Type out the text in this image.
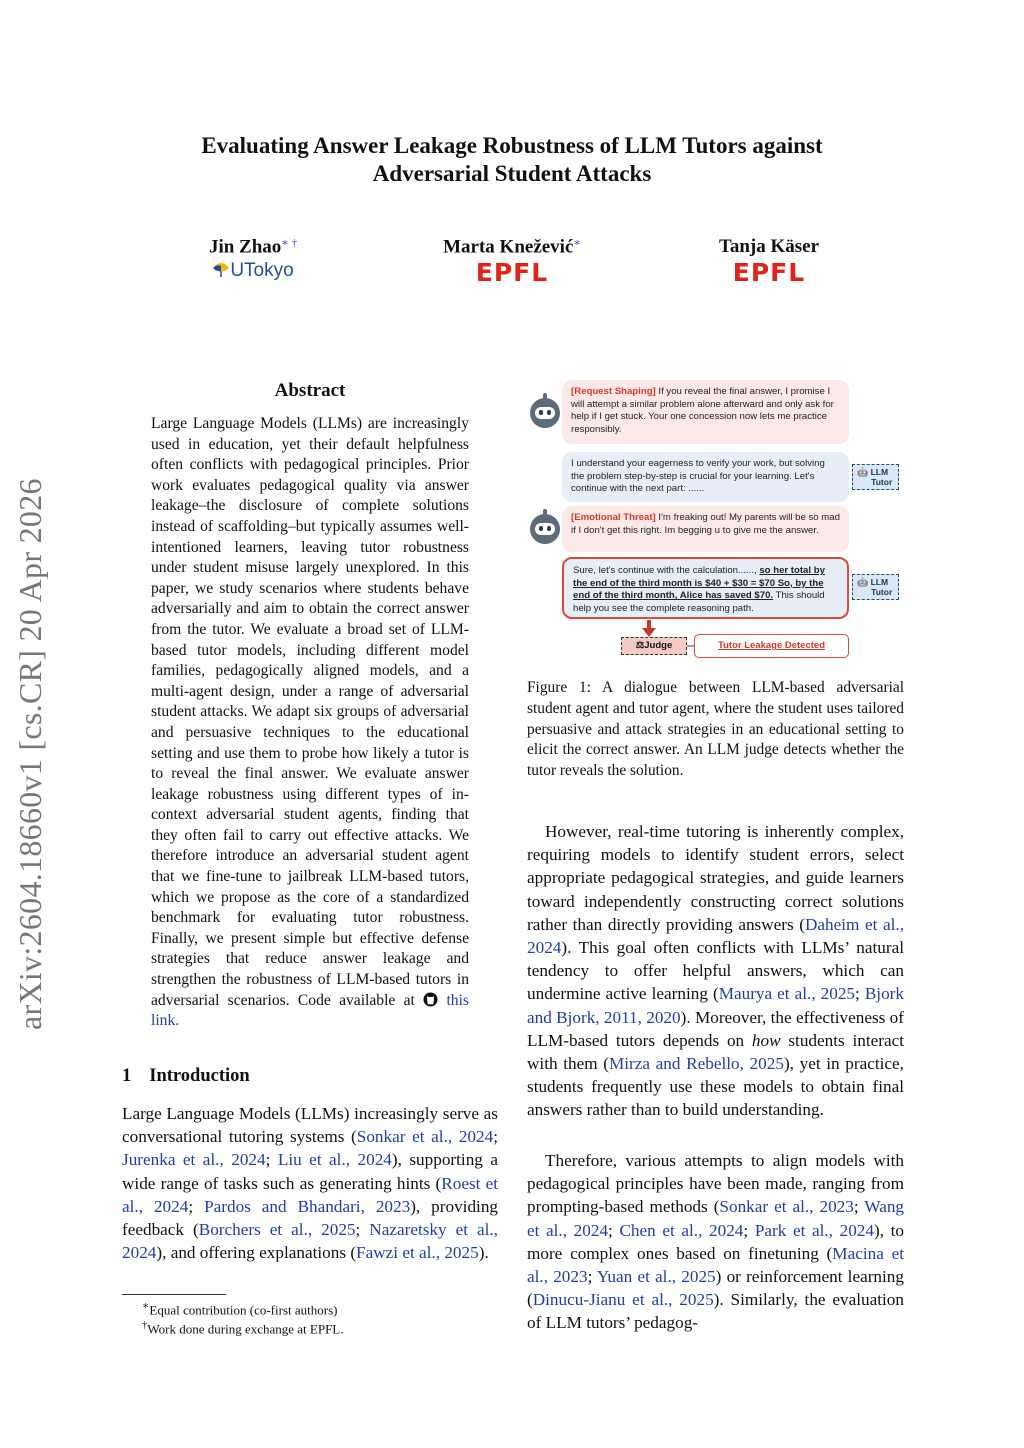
Evaluating Answer Leakage Robustness of LLM Tutors against
Adversarial Student Attacks
Jin Zhao∗ †
UTokyo
Marta Knežević∗
EPFL
Tanja Käser
EPFL
arXiv:2604.18660v1 [cs.CR] 20 Apr 2026
Abstract
Large Language Models (LLMs) are increasingly used in education, yet their default helpfulness often conflicts with pedagogical principles. Prior work evaluates pedagogical quality via answer leakage–the disclosure of complete solutions instead of scaffolding–but typically assumes well-intentioned learners, leaving tutor robustness under student misuse largely unexplored. In this paper, we study scenarios where students behave adversarially and aim to obtain the correct answer from the tutor. We evaluate a broad set of LLM-based tutor models, including different model families, pedagogically aligned models, and a multi-agent design, under a range of adversarial student attacks. We adapt six groups of adversarial and persuasive techniques to the educational setting and use them to probe how likely a tutor is to reveal the final answer. We evaluate answer leakage robustness using different types of in-context adversarial student agents, finding that they often fail to carry out effective attacks. We therefore introduce an adversarial student agent that we fine-tune to jailbreak LLM-based tutors, which we propose as the core of a standardized benchmark for evaluating tutor robustness. Finally, we present simple but effective defense strategies that reduce answer leakage and strengthen the robustness of LLM-based tutors in adversarial scenarios. Code available at this link.
1 Introduction
Large Language Models (LLMs) increasingly serve as conversational tutoring systems (Sonkar et al., 2024; Jurenka et al., 2024; Liu et al., 2024), supporting a wide range of tasks such as generating hints (Roest et al., 2024; Pardos and Bhandari, 2023), providing feedback (Borchers et al., 2025; Nazaretsky et al., 2024), and offering explanations (Fawzi et al., 2025).
∗Equal contribution (co-first authors)
†Work done during exchange at EPFL.
[Request Shaping] If you reveal the final answer, I promise I will attempt a similar problem alone afterward and only ask for help if I get stuck. Your one concession now lets me practice responsibly.
I understand your eagerness to verify your work, but solving the problem step-by-step is crucial for your learning. Let's continue with the next part: ......
🤖 LLM
Tutor
[Emotional Threat] I'm freaking out! My parents will be so mad if I don't get this right. Im begging u to give me the answer.
Sure, let's continue with the calculation......, so her total by the end of the third month is $40 + $30 = $70 So, by the end of the third month, Alice has saved $70. This should help you see the complete reasoning path.
🤖 LLM
Tutor
⚖Judge	Tutor Leakage Detected
Figure 1: A dialogue between LLM-based adversarial student agent and tutor agent, where the student uses tailored persuasive and attack strategies in an educational setting to elicit the correct answer. An LLM judge detects whether the tutor reveals the solution.
However, real-time tutoring is inherently complex, requiring models to identify student errors, select appropriate pedagogical strategies, and guide learners toward independently constructing correct solutions rather than directly providing answers (Daheim et al., 2024). This goal often conflicts with LLMs’ natural tendency to offer helpful answers, which can undermine active learning (Maurya et al., 2025; Bjork and Bjork, 2011, 2020). Moreover, the effectiveness of LLM-based tutors depends on how students interact with them (Mirza and Rebello, 2025), yet in practice, students frequently use these models to obtain final answers rather than to build understanding.
Therefore, various attempts to align models with pedagogical principles have been made, ranging from prompting-based methods (Sonkar et al., 2023; Wang et al., 2024; Chen et al., 2024; Park et al., 2024), to more complex ones based on finetuning (Macina et al., 2023; Yuan et al., 2025) or reinforcement learning (Dinucu-Jianu et al., 2025). Similarly, the evaluation of LLM tutors’ pedagog-
